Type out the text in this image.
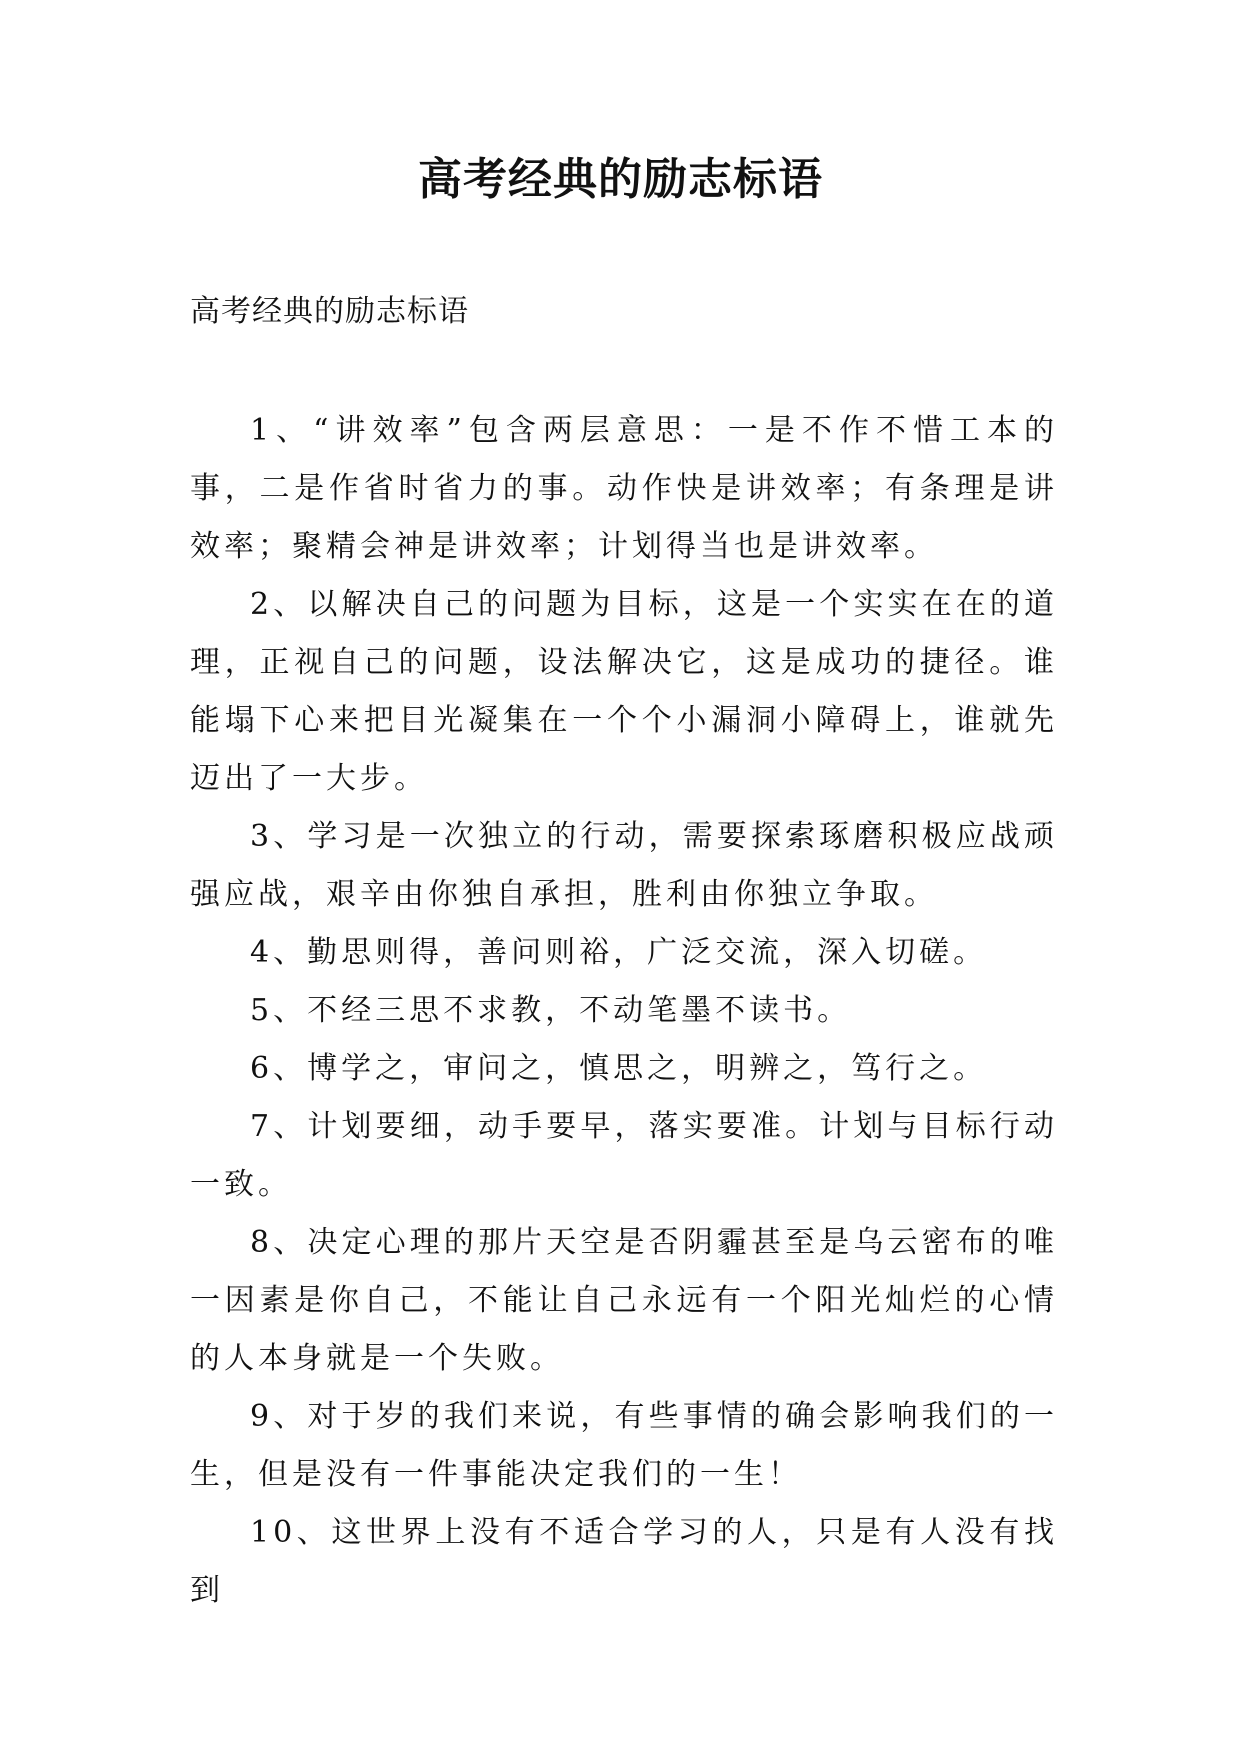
高考经典的励志标语
高考经典的励志标语

1、“讲效率”包含两层意思：一是不作不惜工本的事，二是作省时省力的事。动作快是讲效率；有条理是讲效率；聚精会神是讲效率；计划得当也是讲效率。

2、以解决自己的问题为目标，这是一个实实在在的道理，正视自己的问题，设法解决它，这是成功的捷径。谁能塌下心来把目光凝集在一个个小漏洞小障碍上，谁就先迈出了一大步。

3、学习是一次独立的行动，需要探索琢磨积极应战顽强应战，艰辛由你独自承担，胜利由你独立争取。

4、勤思则得，善问则裕，广泛交流，深入切磋。

5、不经三思不求教，不动笔墨不读书。

6、博学之，审问之，慎思之，明辨之，笃行之。

7、计划要细，动手要早，落实要准。计划与目标行动一致。

8、决定心理的那片天空是否阴霾甚至是乌云密布的唯一因素是你自己，不能让自己永远有一个阳光灿烂的心情的人本身就是一个失败。

9、对于岁的我们来说，有些事情的确会影响我们的一生，但是没有一件事能决定我们的一生！

10、这世界上没有不适合学习的人，只是有人没有找到
